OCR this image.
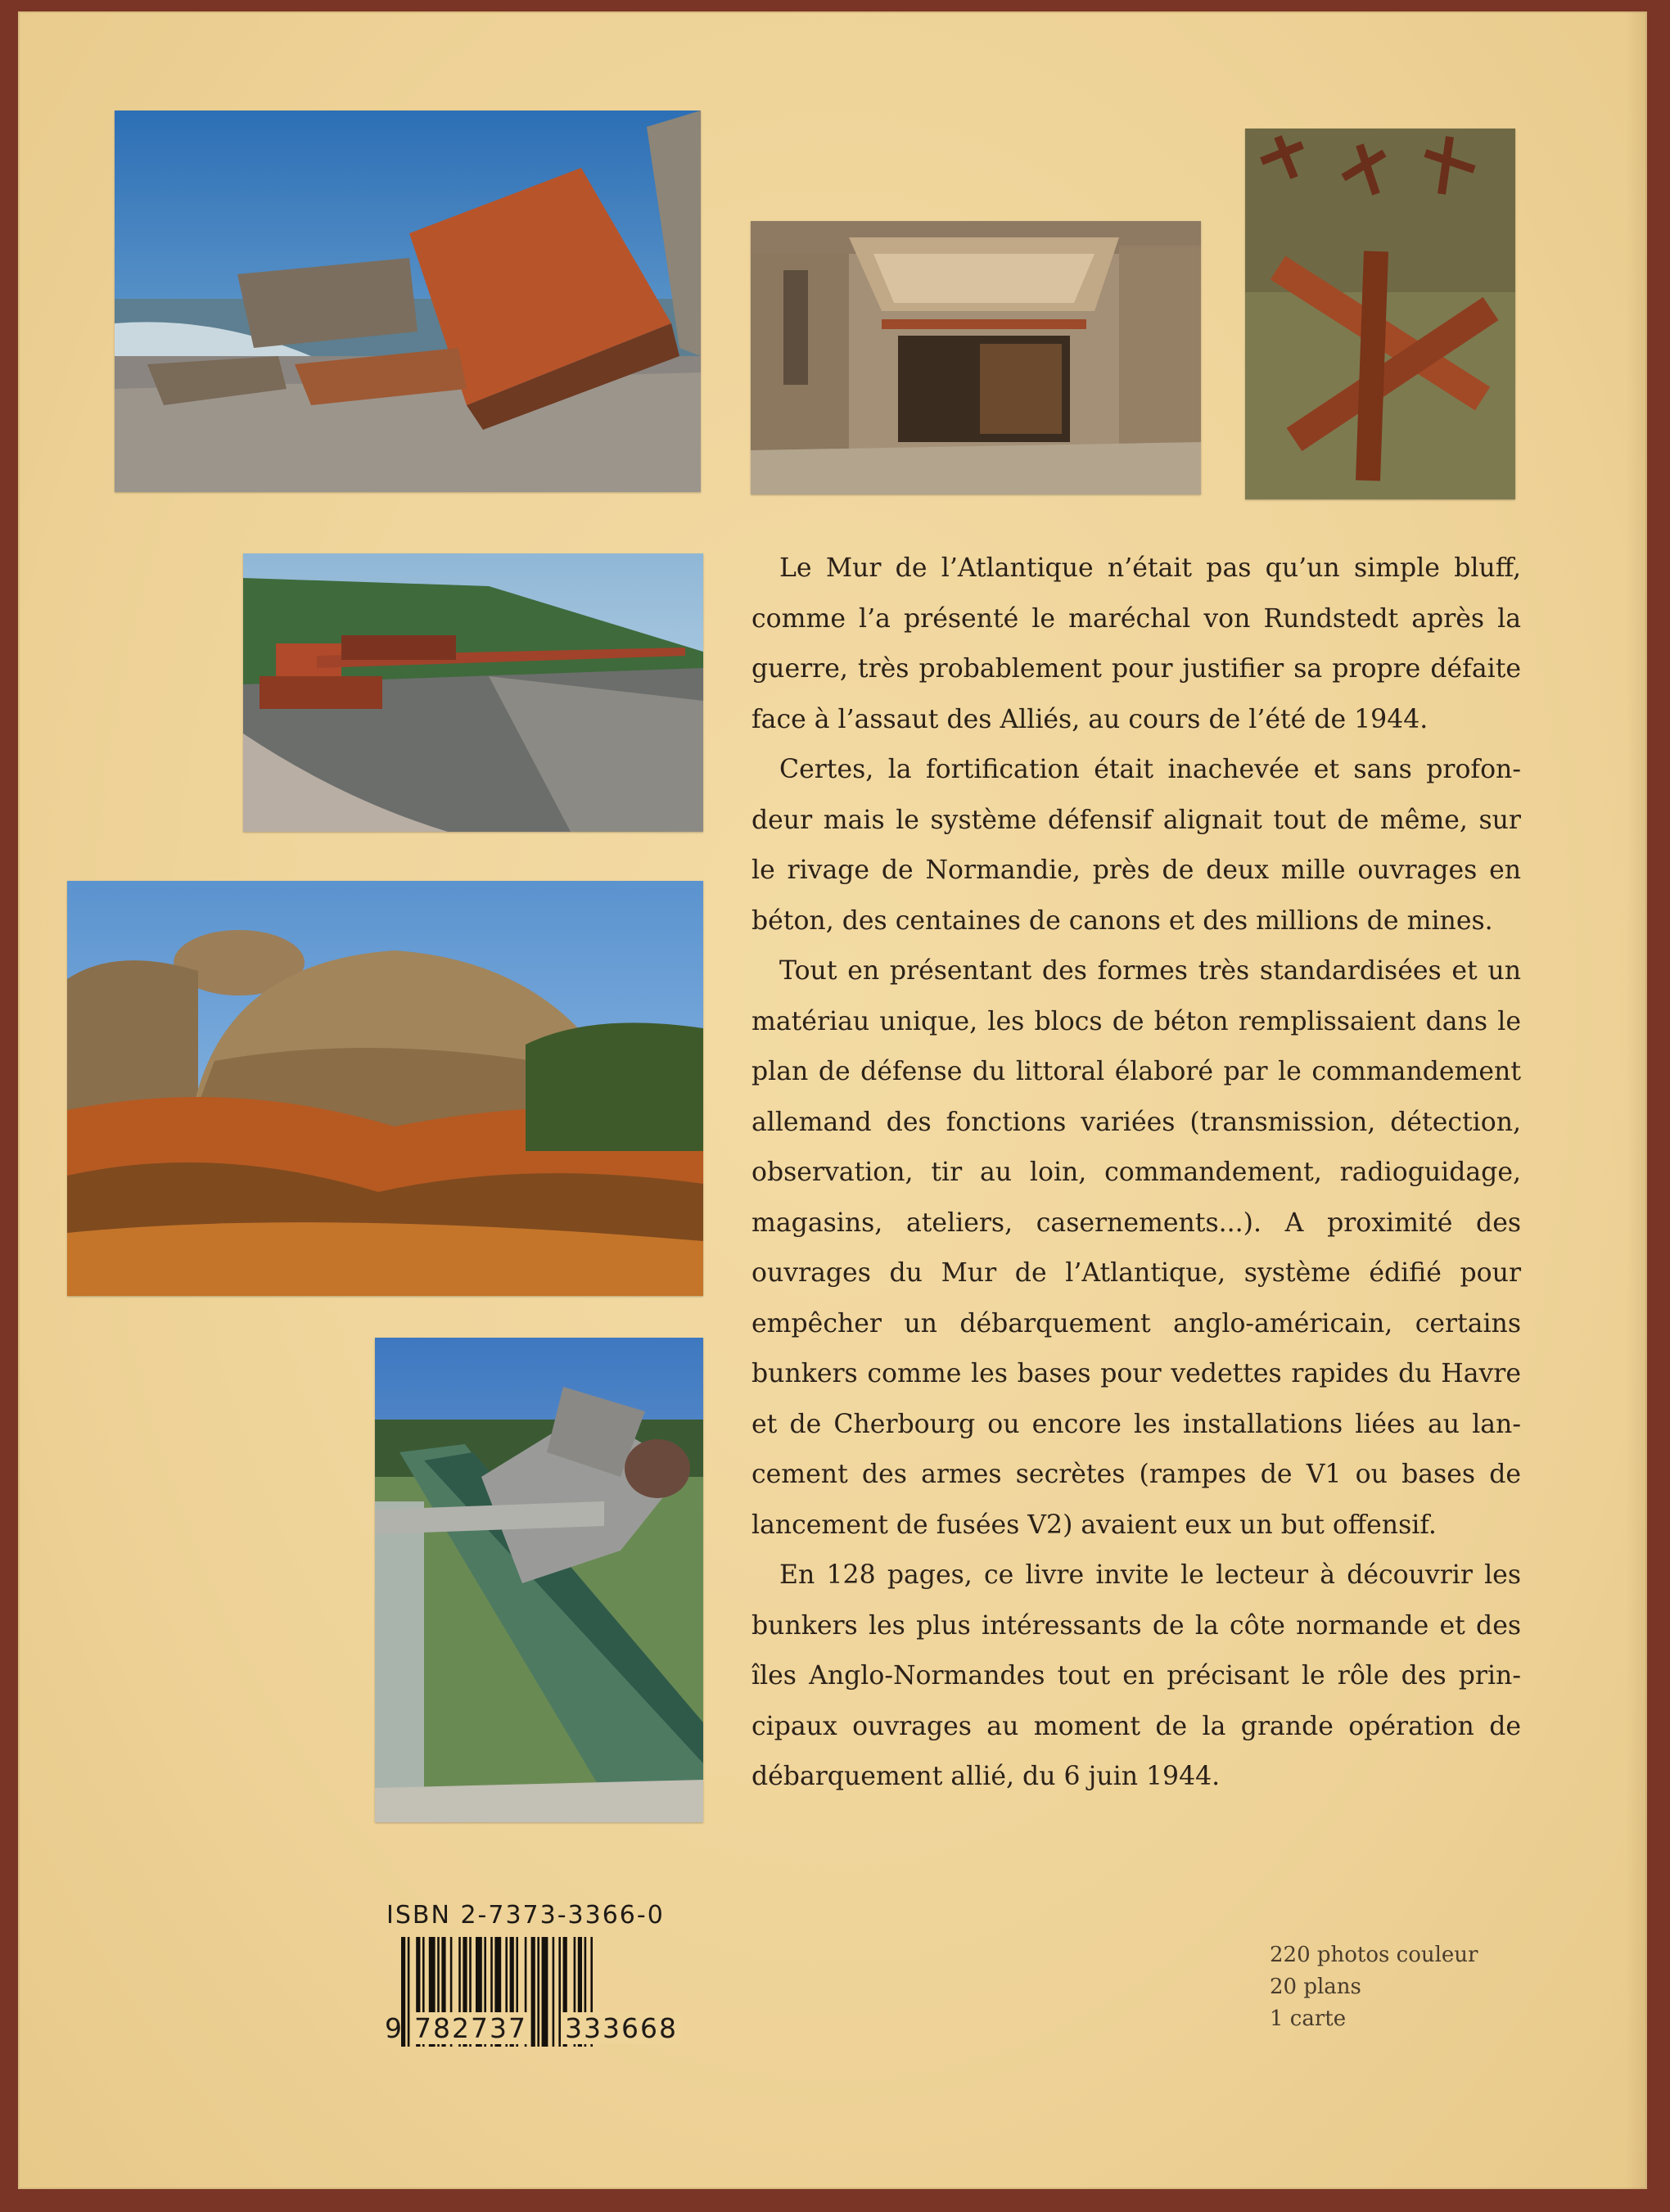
Le Mur de l’Atlantique n’était pas qu’un simple bluff, comme l’a présenté le maréchal von Rundstedt après la guerre, très probablement pour justifier sa propre défaite face à l’assaut des Alliés, au cours de l’été de 1944.

Certes, la fortification était inachevée et sans profondeur mais le système défensif alignait tout de même, sur le rivage de Normandie, près de deux mille ouvrages en béton, des centaines de canons et des millions de mines.

Tout en présentant des formes très standardisées et un matériau unique, les blocs de béton remplissaient dans le plan de défense du littoral élaboré par le commandement allemand des fonctions variées (transmission, détection, observation, tir au loin, commandement, radioguidage, magasins, ateliers, casernements...). A proximité des ouvrages du Mur de l’Atlantique, système édifié pour empêcher un débarquement anglo-américain, certains bunkers comme les bases pour vedettes rapides du Havre et de Cherbourg ou encore les installations liées au lancement des armes secrètes (rampes de V1 ou bases de lancement de fusées V2) avaient eux un but offensif.

En 128 pages, ce livre invite le lecteur à découvrir les bunkers les plus intéressants de la côte normande et des îles Anglo-Normandes tout en précisant le rôle des principaux ouvrages au moment de la grande opération de débarquement allié, du 6 juin 1944.

ISBN 2-7373-3366-0
9 782737 333668
220 photos couleur
20 plans
1 carte
